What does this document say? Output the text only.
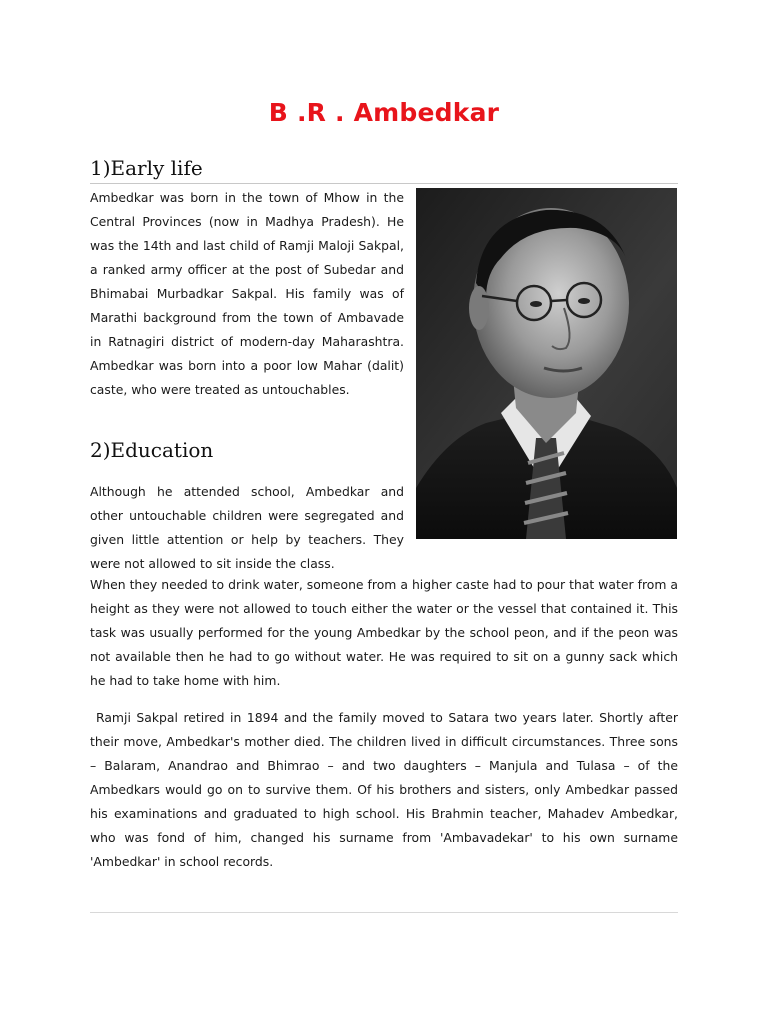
B .R . Ambedkar
1)Early life

Ambedkar was born in the town of Mhow in the Central Provinces (now in Madhya Pradesh). He was the 14th and last child of Ramji Maloji Sakpal, a ranked army officer at the post of Subedar and Bhimabai Murbadkar Sakpal. His family was of Marathi background from the town of Ambavade in Ratnagiri district of modern-day Maharashtra. Ambedkar was born into a poor low Mahar (dalit) caste, who were treated as untouchables.

2)Education

Although he attended school, Ambedkar and other untouchable children were segregated and given little attention or help by teachers. They were not allowed to sit inside the class.

When they needed to drink water, someone from a higher caste had to pour that water from a height as they were not allowed to touch either the water or the vessel that contained it. This task was usually performed for the young Ambedkar by the school peon, and if the peon was not available then he had to go without water. He was required to sit on a gunny sack which he had to take home with him.

Ramji Sakpal retired in 1894 and the family moved to Satara two years later. Shortly after their move, Ambedkar's mother died. The children lived in difficult circumstances. Three sons – Balaram, Anandrao and Bhimrao – and two daughters – Manjula and Tulasa – of the Ambedkars would go on to survive them. Of his brothers and sisters, only Ambedkar passed his examinations and graduated to high school. His Brahmin teacher, Mahadev Ambedkar, who was fond of him, changed his surname from 'Ambavadekar' to his own surname 'Ambedkar' in school records.
